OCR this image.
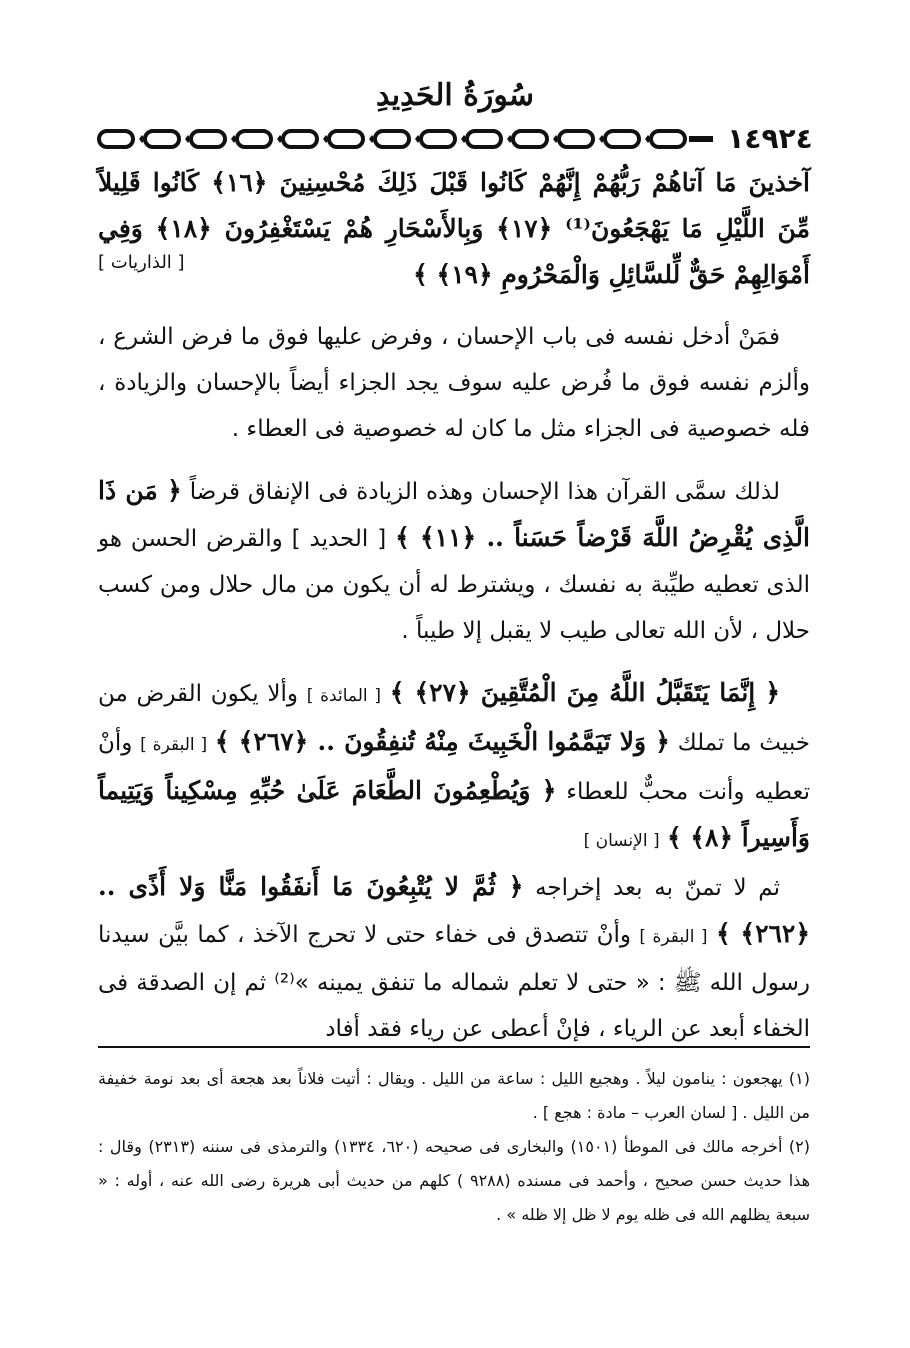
سُورَةُ الحَدِيدِ
١٤٩٢٤

آخذينَ مَا آتاهُمْ رَبُّهُمْ إِنَّهُمْ كَانُوا قَبْلَ ذَلِكَ مُحْسِنِينَ ﴿١٦﴾ كَانُوا قَلِيلاً مِّنَ اللَّيْلِ مَا يَهْجَعُونَ⁽¹⁾ ﴿١٧﴾ وَبِالأَسْحَارِ هُمْ يَسْتَغْفِرُونَ ﴿١٨﴾ وَفِي أَمْوَالِهِمْ حَقٌّ لِّلسَّائِلِ وَالْمَحْرُومِ ﴿١٩﴾ ﴾

[ الذاريات ]

فمَنْ أدخل نفسه فى باب الإحسان ، وفرض عليها فوق ما فرض الشرع ، وألزم نفسه فوق ما فُرض عليه سوف يجد الجزاء أيضاً بالإحسان والزيادة ، فله خصوصية فى الجزاء مثل ما كان له خصوصية فى العطاء .

لذلك سمَّى القرآن هذا الإحسان وهذه الزيادة فى الإنفاق قرضاً ﴿ مَن ذَا الَّذِى يُقْرِضُ اللَّهَ قَرْضاً حَسَناً .. ﴿١١﴾ ﴾ [ الحديد ] والقرض الحسن هو الذى تعطيه طيِّبة به نفسك ، ويشترط له أن يكون من مال حلال ومن كسب حلال ، لأن الله تعالى طيب لا يقبل إلا طيباً .

﴿ إِنَّمَا يَتَقَبَّلُ اللَّهُ مِنَ الْمُتَّقِينَ ﴿٢٧﴾ ﴾ [ المائدة ] وألا يكون القرض من خبيث ما تملك ﴿ وَلا تَيَمَّمُوا الْخَبِيثَ مِنْهُ تُنفِقُونَ .. ﴿٢٦٧﴾ ﴾ [ البقرة ] وأنْ تعطيه وأنت محبٌّ للعطاء ﴿ وَيُطْعِمُونَ الطَّعَامَ عَلَىٰ حُبِّهِ مِسْكِيناً وَيَتِيماً وَأَسِيراً ﴿٨﴾ ﴾ [ الإنسان ]

ثم لا تمنّ به بعد إخراجه ﴿ ثُمَّ لا يُتْبِعُونَ مَا أَنفَقُوا مَنًّا وَلا أَذًى .. ﴿٢٦٢﴾ ﴾ [ البقرة ] وأنْ تتصدق فى خفاء حتى لا تحرج الآخذ ، كما بيَّن سيدنا رسول الله ﷺ : « حتى لا تعلم شماله ما تنفق يمينه »⁽²⁾ ثم إن الصدقة فى الخفاء أبعد عن الرياء ، فإنْ أعطى عن رياء فقد أفاد

(١) يهجعون : ينامون ليلاً . وهجيع الليل : ساعة من الليل . ويقال : أتيت فلاناً بعد هجعة أى بعد نومة خفيفة من الليل . [ لسان العرب – مادة : هجع ] .

(٢) أخرجه مالك فى الموطأ (١٥٠١) والبخارى فى صحيحه (٦٢٠، ١٣٣٤) والترمذى فى سننه (٢٣١٣) وقال : هذا حديث حسن صحيح ، وأحمد فى مسنده (٩٢٨٨ ) كلهم من حديث أبى هريرة رضى الله عنه ، أوله : « سبعة يظلهم الله فى ظله يوم لا ظل إلا ظله » .
